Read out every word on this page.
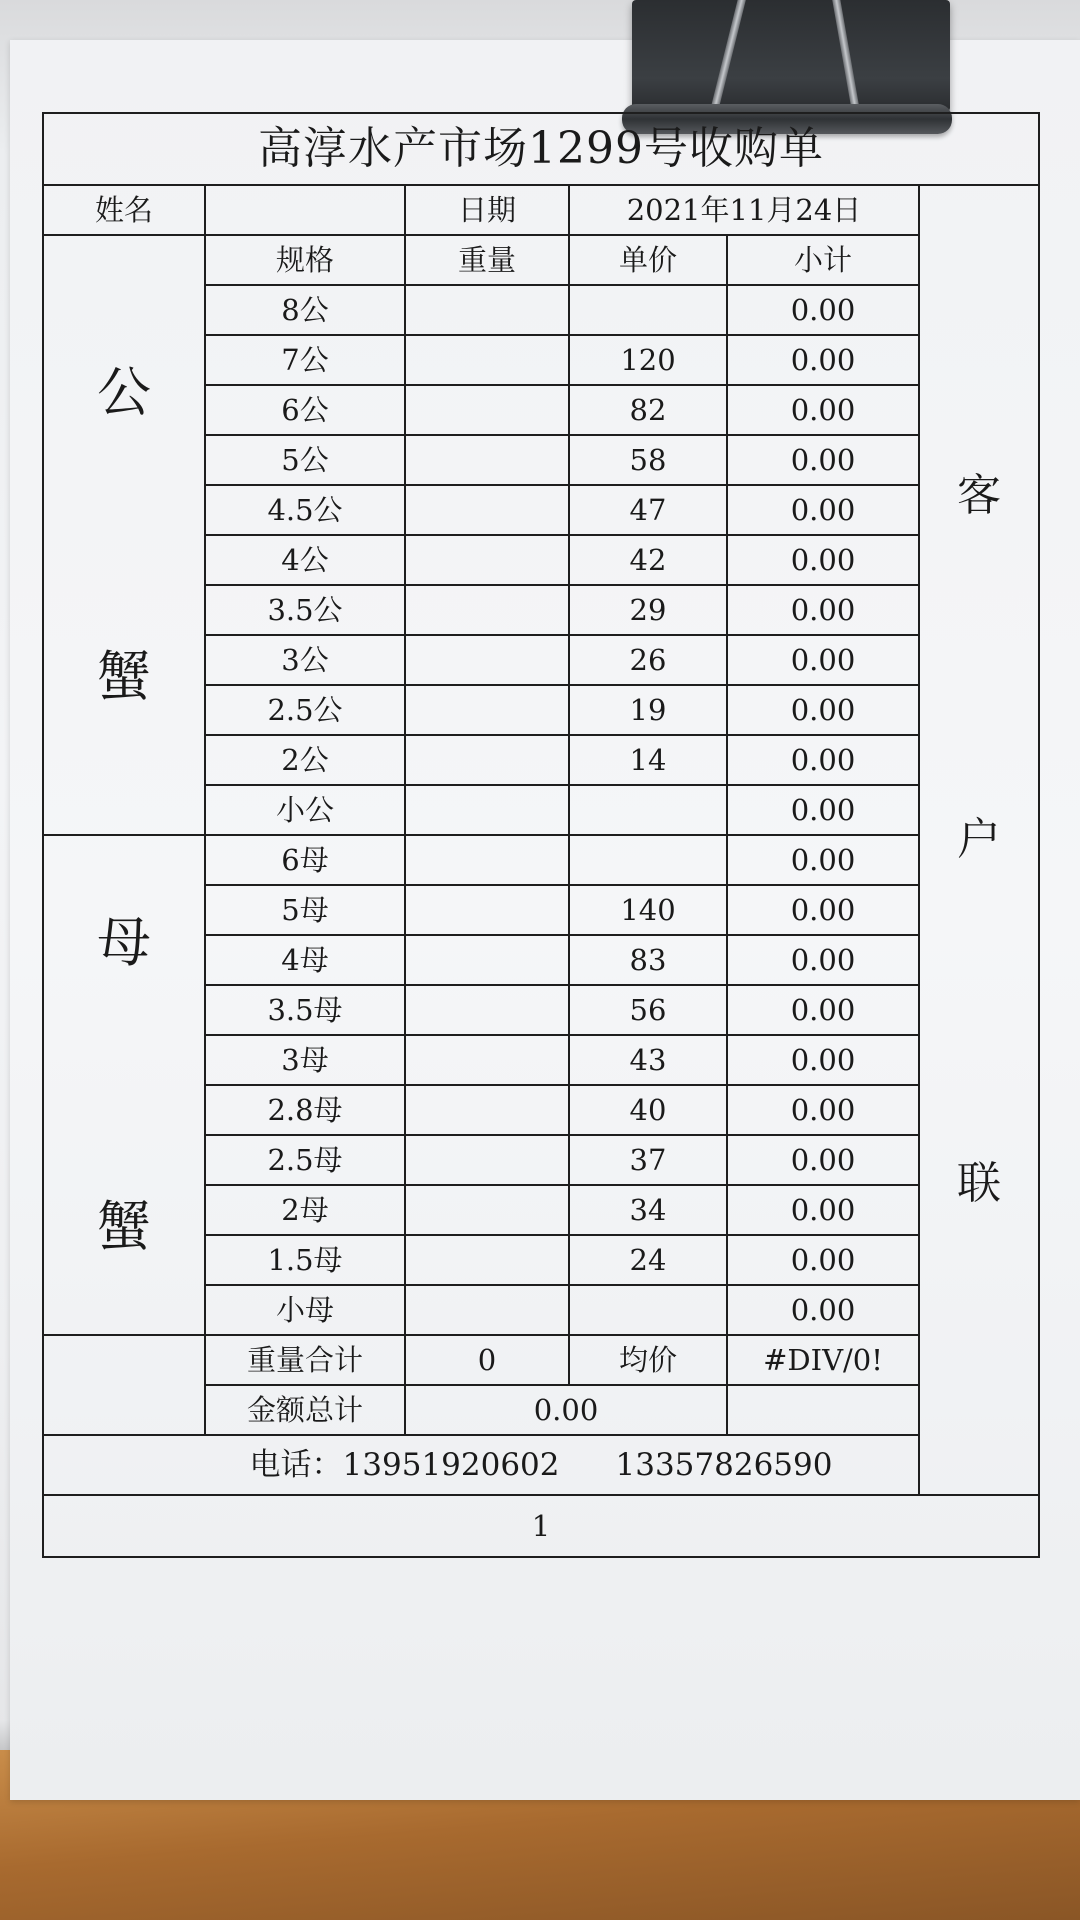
高淳水产市场1299号收购单					
姓名		日期	2021年11月24日		客
户
联

公
蟹	规格	重量	单价	小计	
	8公			0.00	
	7公		120	0.00	
	6公		82	0.00	
	5公		58	0.00	
	4.5公		47	0.00	
	4公		42	0.00	
	3.5公		29	0.00	
	3公		26	0.00	
	2.5公		19	0.00	
	2公		14	0.00	
	小公			0.00	

母
蟹	6母			0.00	
	5母		140	0.00	
	4母		83	0.00	
	3.5母		56	0.00	
	3母		43	0.00	
	2.8母		40	0.00	
	2.5母		37	0.00	
	2母		34	0.00	
	1.5母		24	0.00	
	小母			0.00	
	重量合计	0	均价	#DIV/0!	
	金额总计	0.00			
电话：13951920602 13357826590					
1					
